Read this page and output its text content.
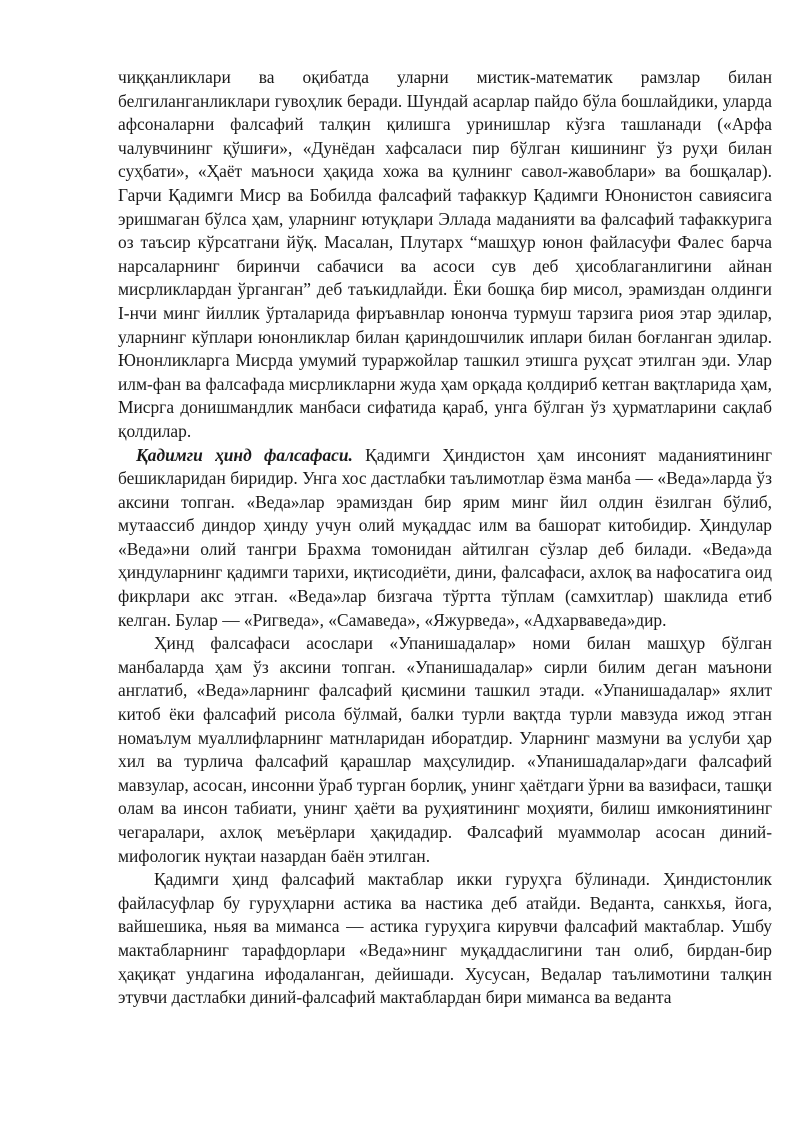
чиққанликлари ва оқибатда уларни мистик-математик рамзлар билан белгиланганликлари гувоҳлик беради. Шундай асарлар пайдо бўла бошлайдики, уларда афсоналарни фалсафий талқин қилишга уринишлар кўзга ташланади («Арфа чалувчининг қўшиғи», «Дунёдан хафсаласи пир бўлган кишининг ўз руҳи билан суҳбати», «Ҳаёт маъноси ҳақида хожа ва қулнинг савол-жавоблари» ва бошқалар). Гарчи Қадимги Миср ва Бобилда фалсафий тафаккур Қадимги Юнонистон савиясига эришмаган бўлса ҳам, уларнинг ютуқлари Эллада маданияти ва фалсафий тафаккурига оз таъсир кўрсатгани йўқ. Масалан, Плутарх “машҳур юнон файласуфи Фалес барча нарсаларнинг биринчи сабачиси ва асоси сув деб ҳисоблаганлигини айнан мисрликлардан ўрганган” деб таъкидлайди. Ёки бошқа бир мисол, эрамиздан олдинги I-нчи минг йиллик ўрталарида фиръавнлар юнонча турмуш тарзига риоя этар эдилар, уларнинг кўплари юнонликлар билан қариндошчилик иплари билан боғланган эдилар. Юнонликларга Мисрда умумий тураржойлар ташкил этишга руҳсат этилган эди. Улар илм-фан ва фалсафада мисрликларни жуда ҳам орқада қолдириб кетган вақтларида ҳам, Мисрга донишмандлик манбаси сифатида қараб, унга бўлган ўз ҳурматларини сақлаб қолдилар.

Қадимги ҳинд фалсафаси. Қадимги Ҳиндистон ҳам инсоният маданиятининг бешикларидан биридир. Унга хос дастлабки таълимотлар ёзма манба — «Веда»ларда ўз аксини топган. «Веда»лар эрамиздан бир ярим минг йил олдин ёзилган бўлиб, мутаассиб диндор ҳинду учун олий муқаддас илм ва башорат китобидир. Ҳиндулар «Веда»ни олий тангри Брахма томонидан айтилган сўзлар деб билади. «Веда»да ҳиндуларнинг қадимги тарихи, иқтисодиёти, дини, фалсафаси, ахлоқ ва нафосатига оид фикрлари акс этган. «Веда»лар бизгача тўртта тўплам (самхитлар) шаклида етиб келган. Булар — «Ригведа», «Самаведа», «Яжурведа», «Адхарваведа»дир.

Ҳинд фалсафаси асослари «Упанишадалар» номи билан машҳур бўлган манбаларда ҳам ўз аксини топган. «Упанишадалар» сирли билим деган маънони англатиб, «Веда»ларнинг фалсафий қисмини ташкил этади. «Упанишадалар» яхлит китоб ёки фалсафий рисола бўлмай, балки турли вақтда турли мавзуда ижод этган номаълум муаллифларнинг матнларидан иборатдир. Уларнинг мазмуни ва услуби ҳар хил ва турлича фалсафий қарашлар маҳсулидир. «Упанишадалар»даги фалсафий мавзулар, асосан, инсонни ўраб турган борлиқ, унинг ҳаётдаги ўрни ва вазифаси, ташқи олам ва инсон табиати, унинг ҳаёти ва руҳиятининг моҳияти, билиш имкониятининг чегаралари, ахлоқ меъёрлари ҳақидадир. Фалсафий муаммолар асосан диний-мифологик нуқтаи назардан баён этилган.

Қадимги ҳинд фалсафий мактаблар икки гуруҳга бўлинади. Ҳиндистонлик файласуфлар бу гуруҳларни астика ва настика деб атайди. Веданта, санкхья, йога, вайшешика, ньяя ва миманса — астика гуруҳига кирувчи фалсафий мактаблар. Ушбу мактабларнинг тарафдорлари «Веда»нинг муқаддаслигини тан олиб, бирдан-бир ҳақиқат ундагина ифодаланган, дейишади. Хусусан, Ведалар таълимотини талқин этувчи дастлабки диний-фалсафий мактаблардан бири миманса ва веданта
